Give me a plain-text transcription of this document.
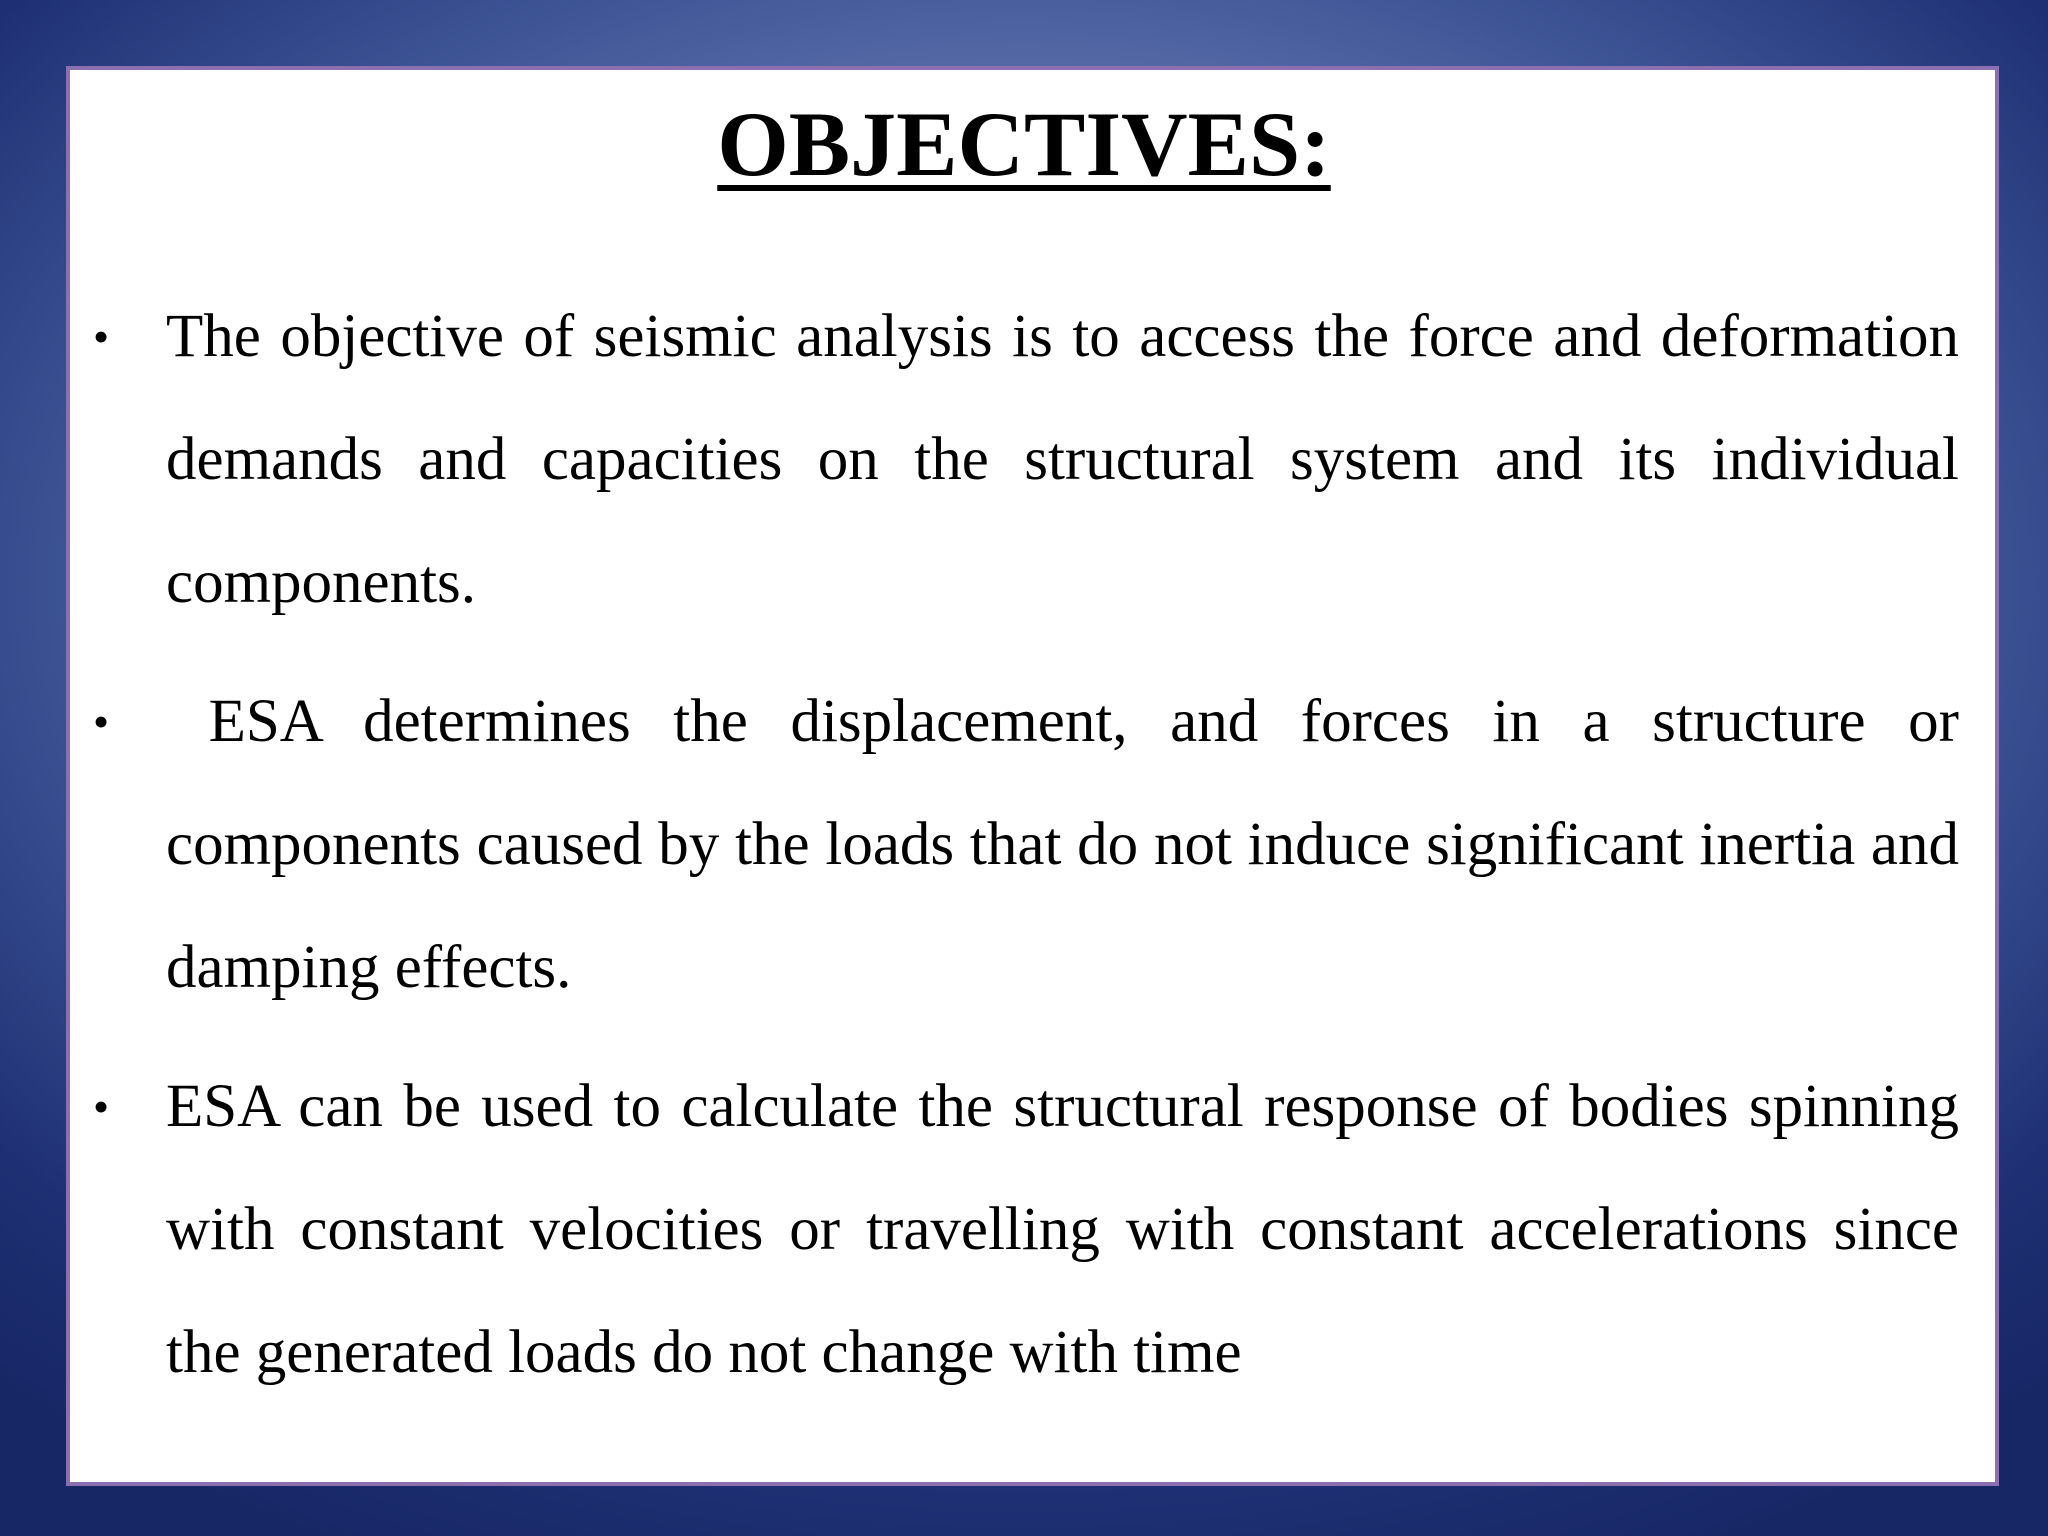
OBJECTIVES:
• The objective of seismic analysis is to access the force and deformation demands and capacities on the structural system and its individual components.
• ESA determines the displacement, and forces in a structure or components caused by the loads that do not induce significant inertia and damping effects.
• ESA can be used to calculate the structural response of bodies spinning with constant velocities or travelling with constant accelerations since the generated loads do not change with time
